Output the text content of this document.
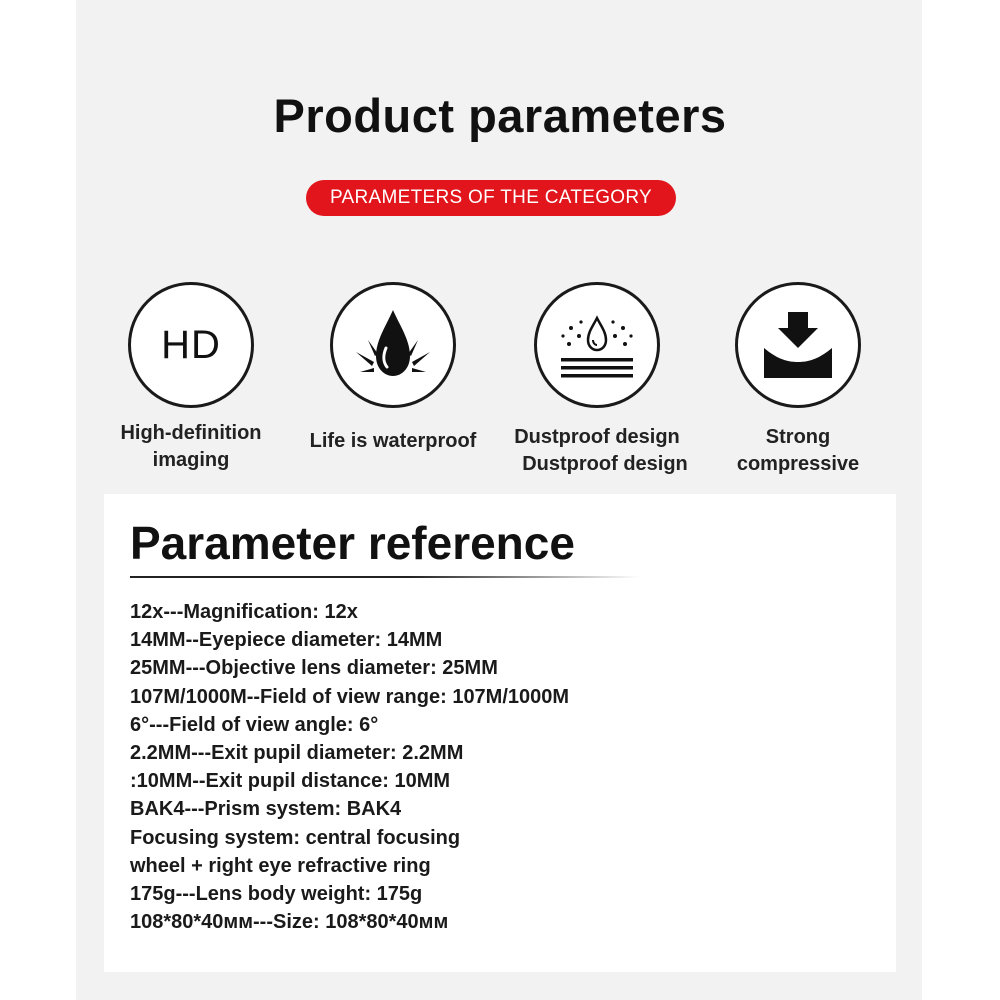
Product parameters
PARAMETERS OF THE CATEGORY
HD
High-definition
imaging
Life is waterproof	Dustproof design
Dustproof design
Strong
compressive
Parameter reference
12x---Magnification: 12x
14MM--Eyepiece diameter: 14MM
25MM---Objective lens diameter: 25MM
107M/1000M--Field of view range: 107M/1000M
6°---Field of view angle: 6°
2.2MM---Exit pupil diameter: 2.2MM
:10MM--Exit pupil distance: 10MM
BAK4---Prism system: BAK4
Focusing system: central focusing
wheel + right eye refractive ring
175g---Lens body weight: 175g
108*80*40мм---Size: 108*80*40мм
